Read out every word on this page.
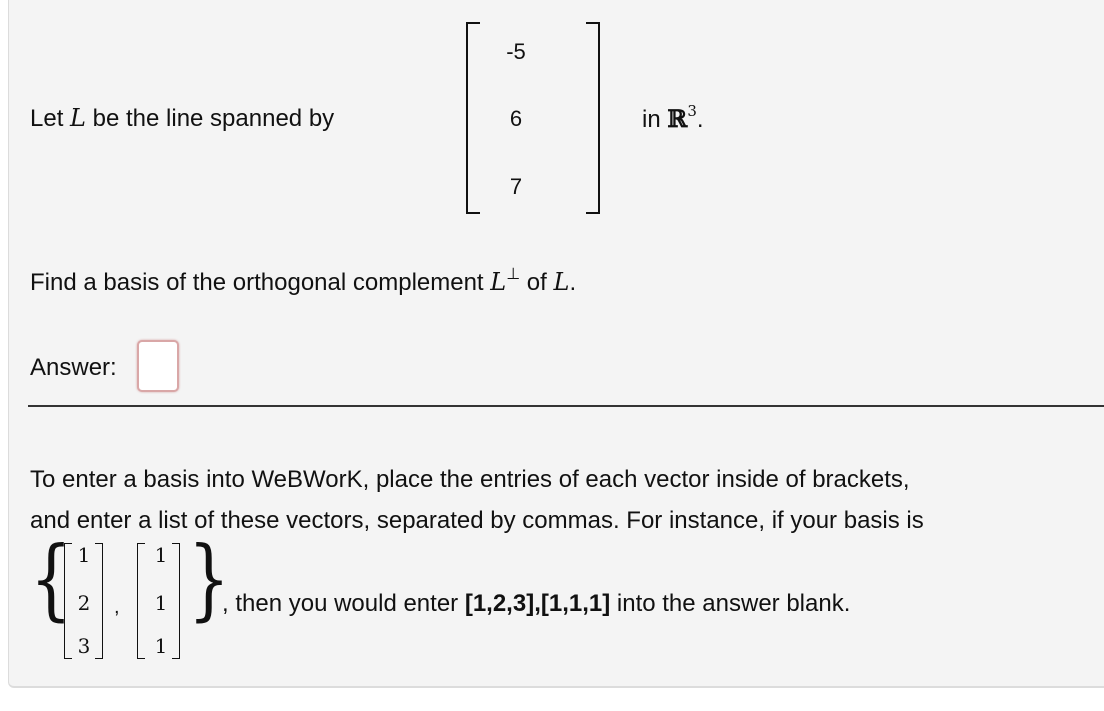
Let L be the line spanned by
-5
6
7
in ℝ$^3$.
Find a basis of the orthogonal complement L⊥ of L.
Answer:
To enter a basis into WeBWorK, place the entries of each vector inside of brackets,
and enter a list of these vectors, separated by commas. For instance, if your basis is
{ 1
2
3
,
1
1
1
}
, then you would enter [1,2,3],[1,1,1] into the answer blank.
